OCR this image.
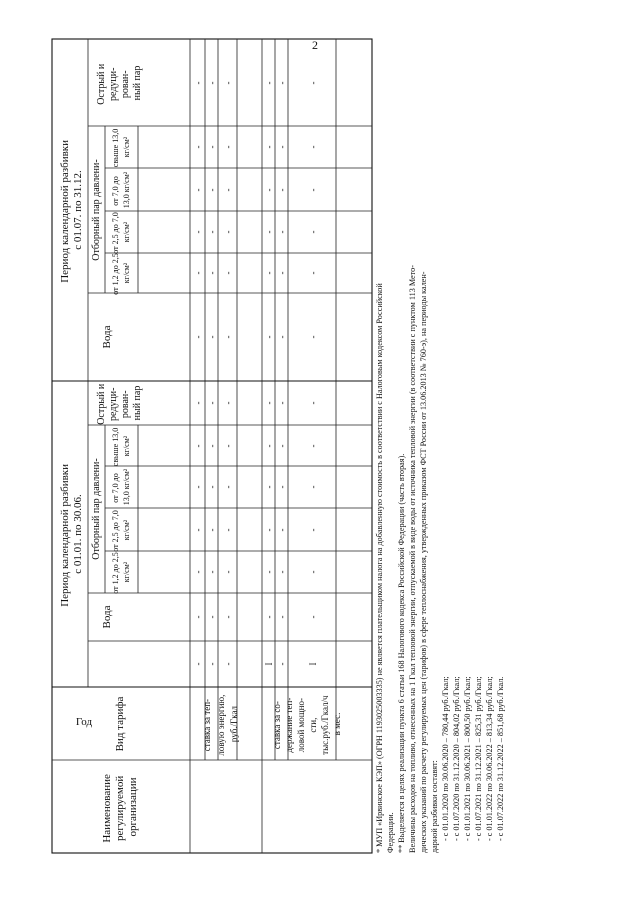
2
Наименование регулируемой организации
Вид тарифа
Год
Период календарной разбивки с 01.01. по 30.06.
Период календарной разбивки с 01.07. по 31.12.
Вода
Отборный пар давлени-
от 1,2 до 2,5 кг/см²
от 2,5 до 7,0 кг/см²
от 7,0 до 13,0 кг/см²
свыше 13,0 кг/см²
Острый и редуци- рован- ный пар
Вода
Отборный пар давлени-
от 1,2 до 2,5 кг/см²
от 2,5 до 7,0 кг/см²
от 7,0 до 13,0 кг/см²
свыше 13,0 кг/см²
Острый и редуци- рован- ный пар
ставка за теп- ловую энергию, руб./Гкал	ставка за со- держание теп- ловой мощно- сти, тыс.руб./Гкал/ч в мес.
- - -	I - I
-
-
-
-
-
-
-
-
-
-
-
-
-
-
-
-
-
-
-
-
-
-
-
-
-
-
-
-
-
-
-
-
-
-
-
-
-
-
-
-
-
-
-
-
-
-
-
-
-
-
-
-
-
-
-
-
-
-
-
-
-
-
-
-
-
-
-
-
-
-
-
-
* МУП «Ирвинское КЭП» (ОГРН 1193025003335) не является плательщиком налога на добавленную стоимость в соответствии с Налоговым кодексом Российской Федерации. ** Выделяется в целях реализации пункта 6 статьи 168 Налогового кодекса Российской Федерации (часть вторая). Величины расходов на топливо, отнесенных на 1 Гкал тепловой энергии, отпускаемой в виде воды от источника тепловой энергии (в соответствии с пунктом 113 Мето- дических указаний по расчету регулируемых цен (тарифов) в сфере теплоснабжения, утвержденных приказом ФСТ России от 13.06.2013 № 760-э), на периоды кален- дарной разбивки составят: - с 01.01.2020 по 30.06.2020 – 780,44 руб./Гкал; - с 01.07.2020 по 31.12.2020 – 804,02 руб./Гкал; - с 01.01.2021 по 30.06.2021 – 800,50 руб./Гкал; - с 01.07.2021 по 31.12.2021 – 825,31 руб./Гкал; - с 01.01.2022 по 30.06.2022 – 813,34 руб./Гкал; - с 01.07.2022 по 31.12.2022 – 851,68 руб./Гкал.
